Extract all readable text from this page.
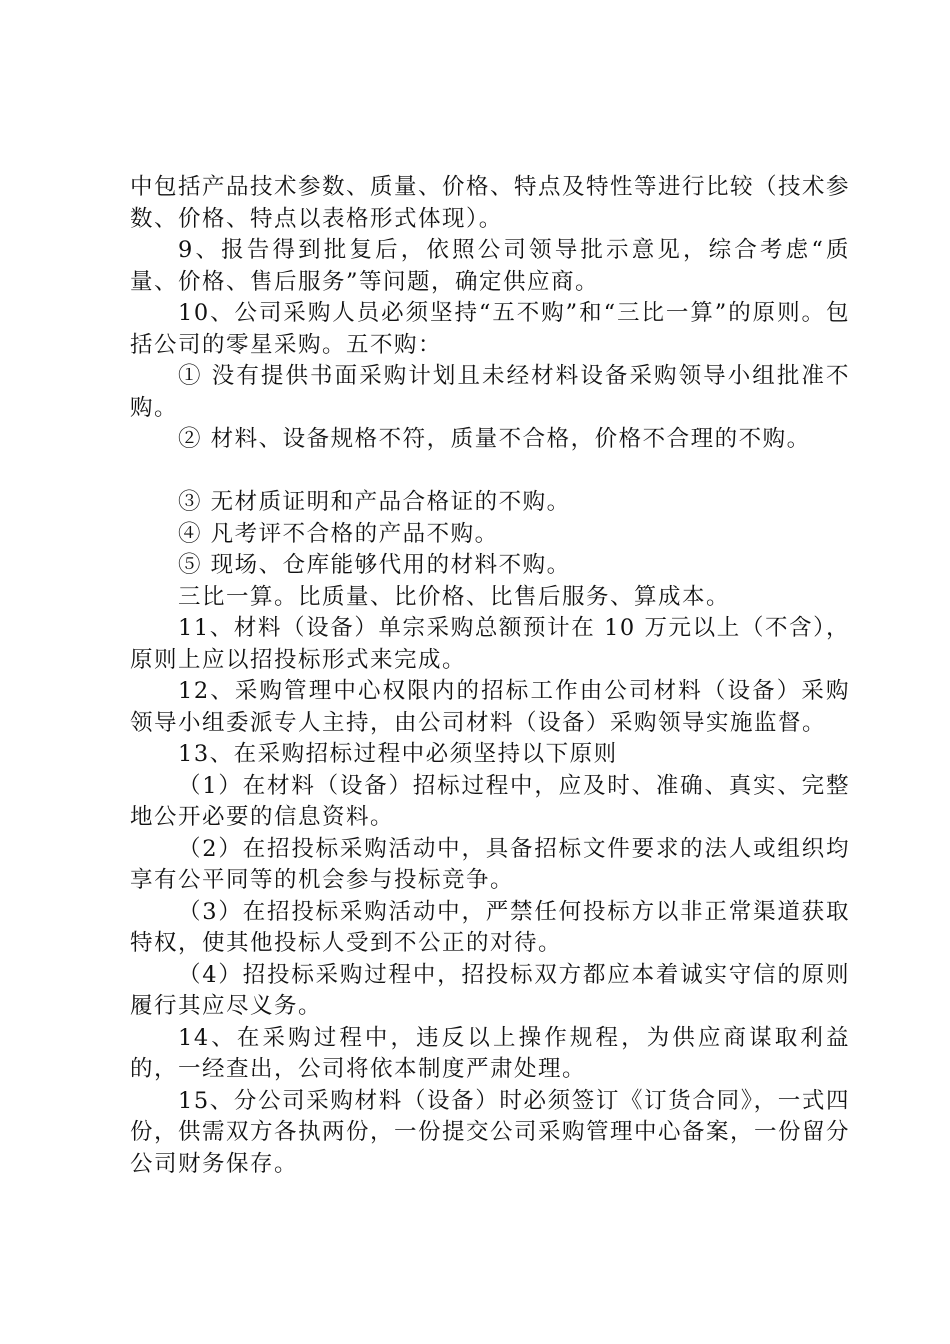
中包括产品技术参数、质量、价格、特点及特性等进行比较（技术参数、价格、特点以表格形式体现）。

9、报告得到批复后，依照公司领导批示意见，综合考虑“质量、价格、售后服务”等问题，确定供应商。

10、公司采购人员必须坚持“五不购”和“三比一算”的原则。包括公司的零星采购。五不购：

① 没有提供书面采购计划且未经材料设备采购领导小组批准不购。

② 材料、设备规格不符，质量不合格，价格不合理的不购。

③ 无材质证明和产品合格证的不购。

④ 凡考评不合格的产品不购。

⑤ 现场、仓库能够代用的材料不购。

三比一算。比质量、比价格、比售后服务、算成本。

11、材料（设备）单宗采购总额预计在 10 万元以上（不含），原则上应以招投标形式来完成。

12、采购管理中心权限内的招标工作由公司材料（设备）采购领导小组委派专人主持，由公司材料（设备）采购领导实施监督。

13、在采购招标过程中必须坚持以下原则

（1）在材料（设备）招标过程中，应及时、准确、真实、完整地公开必要的信息资料。

（2）在招投标采购活动中，具备招标文件要求的法人或组织均享有公平同等的机会参与投标竞争。

（3）在招投标采购活动中，严禁任何投标方以非正常渠道获取特权，使其他投标人受到不公正的对待。

（4）招投标采购过程中，招投标双方都应本着诚实守信的原则履行其应尽义务。

14、在采购过程中，违反以上操作规程，为供应商谋取利益的，一经查出，公司将依本制度严肃处理。

15、分公司采购材料（设备）时必须签订《订货合同》，一式四份，供需双方各执两份，一份提交公司采购管理中心备案，一份留分公司财务保存。
